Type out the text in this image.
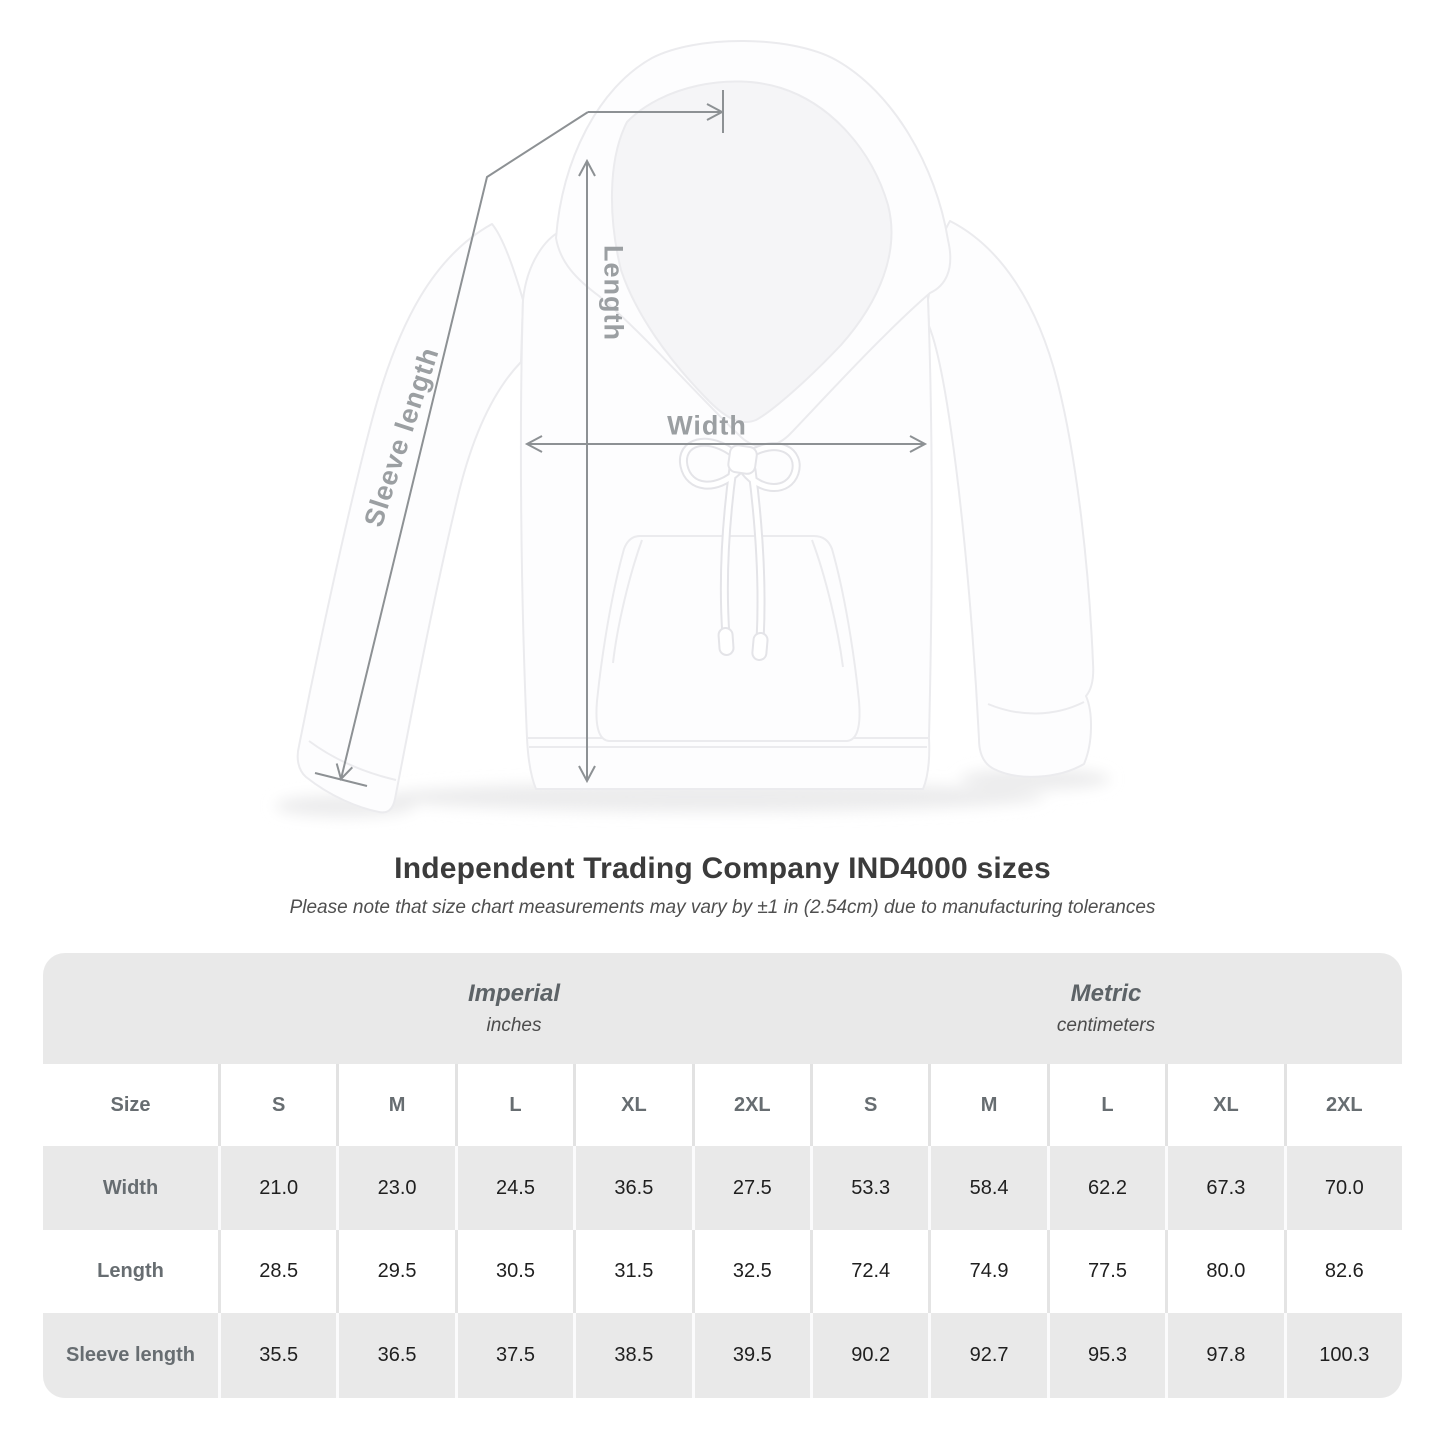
Length
Width
Sleeve length
Independent Trading Company IND4000 sizes
Please note that size chart measurements may vary by ±1 in (2.54cm) due to manufacturing tolerances
Imperial
inches
Metric
centimeters
Size	S	M	L	XL	2XL	S	M	L	XL	2XL
Width	21.0	23.0	24.5	36.5	27.5	53.3	58.4	62.2	67.3	70.0
Length	28.5	29.5	30.5	31.5	32.5	72.4	74.9	77.5	80.0	82.6
Sleeve length	35.5	36.5	37.5	38.5	39.5	90.2	92.7	95.3	97.8	100.3
